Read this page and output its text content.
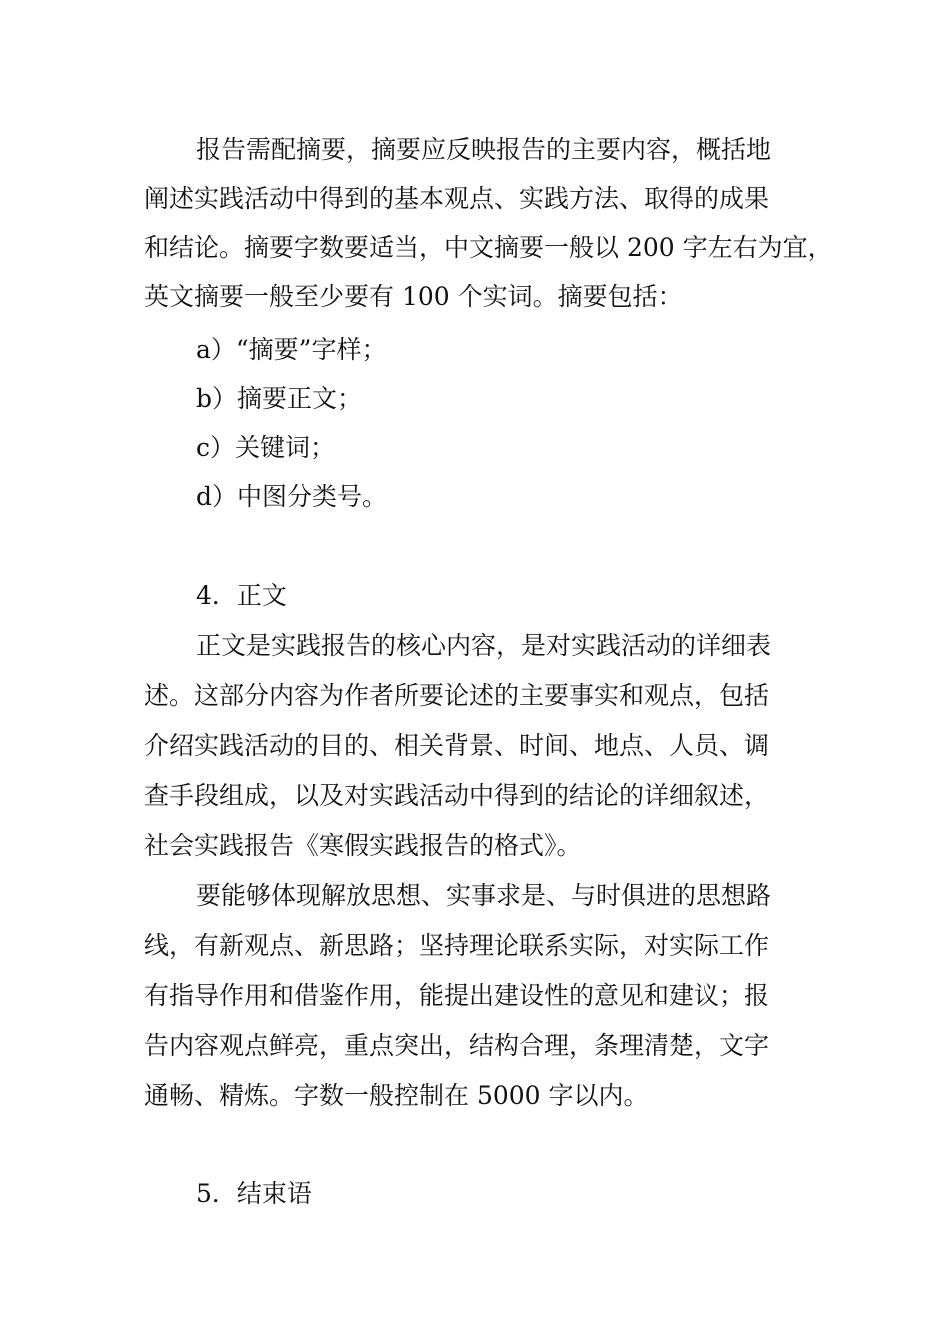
报告需配摘要，摘要应反映报告的主要内容，概括地
阐述实践活动中得到的基本观点、实践方法、取得的成果
和结论。摘要字数要适当，中文摘要一般以 200 字左右为宜，
英文摘要一般至少要有 100 个实词。摘要包括：
a）“摘要”字样；
b）摘要正文；
c）关键词；
d）中图分类号。
4．正文
正文是实践报告的核心内容，是对实践活动的详细表
述。这部分内容为作者所要论述的主要事实和观点，包括
介绍实践活动的目的、相关背景、时间、地点、人员、调
查手段组成，以及对实践活动中得到的结论的详细叙述，
社会实践报告《寒假实践报告的格式》。
要能够体现解放思想、实事求是、与时俱进的思想路
线，有新观点、新思路；坚持理论联系实际，对实际工作
有指导作用和借鉴作用，能提出建设性的意见和建议；报
告内容观点鲜亮，重点突出，结构合理，条理清楚，文字
通畅、精炼。字数一般控制在 5000 字以内。
5．结束语
